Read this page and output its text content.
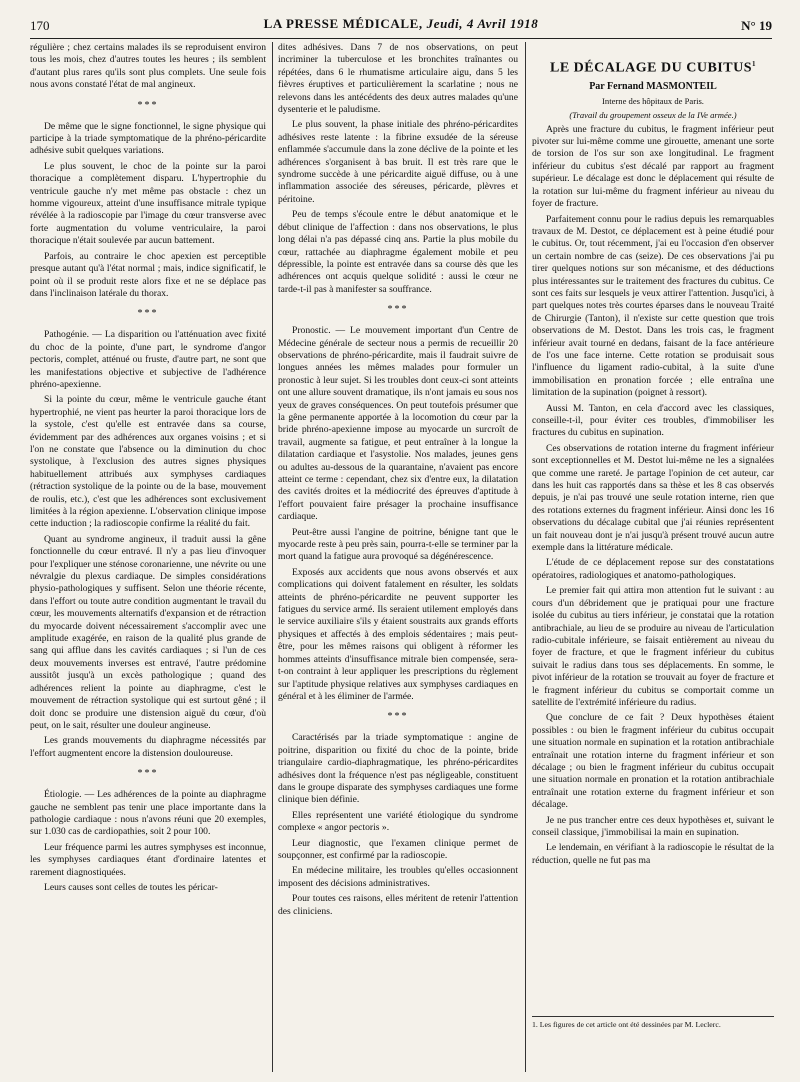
170	LA PRESSE MÉDICALE, Jeudi, 4 Avril 1918	N° 19

régulière ; chez certains malades ils se reproduisent environ tous les mois, chez d'autres toutes les heures ; ils semblent d'autant plus rares qu'ils sont plus complets. Une seule fois nous avons constaté l'état de mal angineux.

***

De même que le signe fonctionnel, le signe physique qui participe à la triade symptomatique de la phréno-péricardite adhésive subit quelques variations.

Le plus souvent, le choc de la pointe sur la paroi thoracique a complètement disparu. L'hypertrophie du ventricule gauche n'y met même pas obstacle : chez un homme vigoureux, atteint d'une insuffisance mitrale typique révélée à la radioscopie par l'image du cœur transverse avec forte augmentation du volume ventriculaire, la paroi thoracique n'était soulevée par aucun battement.

Parfois, au contraire le choc apexien est perceptible presque autant qu'à l'état normal ; mais, indice significatif, le point où il se produit reste alors fixe et ne se déplace pas dans l'inclinaison latérale du thorax.

***

Pathogénie. — La disparition ou l'atténuation avec fixité du choc de la pointe, d'une part, le syndrome d'angor pectoris, complet, atténué ou fruste, d'autre part, ne sont que les manifestations objective et subjective de l'adhérence phréno-apexienne.

Si la pointe du cœur, même le ventricule gauche étant hypertrophié, ne vient pas heurter la paroi thoracique lors de la systole, c'est qu'elle est entravée dans sa course, évidemment par des adhérences aux organes voisins ; et si l'on ne constate que l'absence ou la diminution du choc systolique, à l'exclusion des autres signes physiques habituellement attribués aux symphyses cardiaques (rétraction systolique de la pointe ou de la base, mouvement de roulis, etc.), c'est que les adhérences sont exclusivement limitées à la région apexienne. L'observation clinique impose cette induction ; la radioscopie confirme la réalité du fait.

Quant au syndrome angineux, il traduit aussi la gêne fonctionnelle du cœur entravé. Il n'y a pas lieu d'invoquer pour l'expliquer une sténose coronarienne, une névrite ou une névralgie du plexus cardiaque. De simples considérations physio-pathologiques y suffisent. Selon une théorie récente, dans l'effort ou toute autre condition augmentant le travail du cœur, les mouvements alternatifs d'expansion et de rétraction du myocarde doivent nécessairement s'accomplir avec une amplitude exagérée, en raison de la qualité plus grande de sang qui afflue dans les cavités cardiaques ; si l'un de ces deux mouvements inverses est entravé, l'autre prédomine aussitôt jusqu'à un excès pathologique ; quand des adhérences relient la pointe au diaphragme, c'est le mouvement de rétraction systolique qui est surtout gêné ; il doit donc se produire une distension aiguë du cœur, d'où peut, on le sait, résulter une douleur angineuse.

Les grands mouvements du diaphragme nécessités par l'effort augmentent encore la distension douloureuse.

***

Étiologie. — Les adhérences de la pointe au diaphragme gauche ne semblent pas tenir une place importante dans la pathologie cardiaque : nous n'avons réuni que 20 exemples, sur 1.030 cas de cardiopathies, soit 2 pour 100.

Leur fréquence parmi les autres symphyses est inconnue, les symphyses cardiaques étant d'ordinaire latentes et rarement diagnostiquées.

Leurs causes sont celles de toutes les péricar-

dites adhésives. Dans 7 de nos observations, on peut incriminer la tuberculose et les bronchites traînantes ou répétées, dans 6 le rhumatisme articulaire aigu, dans 5 les fièvres éruptives et particulièrement la scarlatine ; nous ne relevons dans les antécédents des deux autres malades qu'une dysenterie et le paludisme.

Le plus souvent, la phase initiale des phréno-péricardites adhésives reste latente : la fibrine exsudée de la séreuse enflammée s'accumule dans la zone déclive de la pointe et les adhérences s'organisent à bas bruit. Il est très rare que le syndrome succède à une péricardite aiguë diffuse, ou à une inflammation associée des séreuses, péricarde, plèvres et péritoine.

Peu de temps s'écoule entre le début anatomique et le début clinique de l'affection : dans nos observations, le plus long délai n'a pas dépassé cinq ans. Partie la plus mobile du cœur, rattachée au diaphragme également mobile et peu dépressible, la pointe est entravée dans sa course dès que les adhérences ont acquis quelque solidité : aussi le cœur ne tarde-t-il pas à manifester sa souffrance.

***

Pronostic. — Le mouvement important d'un Centre de Médecine générale de secteur nous a permis de recueillir 20 observations de phréno-péricardite, mais il faudrait suivre de longues années les mêmes malades pour formuler un pronostic à leur sujet. Si les troubles dont ceux-ci sont atteints ont une allure souvent dramatique, ils n'ont jamais eu sous nos yeux de graves conséquences. On peut toutefois présumer que la gêne permanente apportée à la locomotion du cœur par la bride phréno-apexienne impose au myocarde un surcroît de travail, augmente sa fatigue, et peut entraîner à la longue la dilatation cardiaque et l'asystolie. Nos malades, jeunes gens ou adultes au-dessous de la quarantaine, n'avaient pas encore atteint ce terme : cependant, chez six d'entre eux, la dilatation des cavités droites et la médiocrité des épreuves d'aptitude à l'effort pouvaient faire présager la prochaine insuffisance cardiaque.

Peut-être aussi l'angine de poitrine, bénigne tant que le myocarde reste à peu près sain, pourra-t-elle se terminer par la mort quand la fatigue aura provoqué sa dégénérescence.

Exposés aux accidents que nous avons observés et aux complications qui doivent fatalement en résulter, les soldats atteints de phréno-péricardite ne peuvent supporter les fatigues du service armé. Ils seraient utilement employés dans le service auxiliaire s'ils y étaient soustraits aux grands efforts physiques et affectés à des emplois sédentaires ; mais peut-être, pour les mêmes raisons qui obligent à réformer les hommes atteints d'insuffisance mitrale bien compensée, sera-t-on contraint à leur appliquer les prescriptions du règlement sur l'aptitude physique relatives aux symphyses cardiaques en général et à les éliminer de l'armée.

***

Caractérisés par la triade symptomatique : angine de poitrine, disparition ou fixité du choc de la pointe, bride triangulaire cardio-diaphragmatique, les phréno-péricardites adhésives dont la fréquence n'est pas négligeable, constituent dans le groupe disparate des symphyses cardiaques une forme clinique bien définie.

Elles représentent une variété étiologique du syndrome complexe « angor pectoris ».

Leur diagnostic, que l'examen clinique permet de soupçonner, est confirmé par la radioscopie.

En médecine militaire, les troubles qu'elles occasionnent imposent des décisions administratives.

Pour toutes ces raisons, elles méritent de retenir l'attention des cliniciens.

LE DÉCALAGE DU CUBITUS$^1$

Par Fernand MASMONTEIL

Interne des hôpitaux de Paris.

(Travail du groupement osseux de la IVe armée.)

Après une fracture du cubitus, le fragment inférieur peut pivoter sur lui-même comme une girouette, amenant une sorte de torsion de l'os sur son axe longitudinal. Le fragment inférieur du cubitus s'est décalé par rapport au fragment supérieur. Le décalage est donc le déplacement qui résulte de la rotation sur lui-même du fragment inférieur au niveau du foyer de fracture.

Parfaitement connu pour le radius depuis les remarquables travaux de M. Destot, ce déplacement est à peine étudié pour le cubitus. Or, tout récemment, j'ai eu l'occasion d'en observer un certain nombre de cas (seize). De ces observations j'ai pu tirer quelques notions sur son mécanisme, et des déductions plus intéressantes sur le traitement des fractures du cubitus. Ce sont ces faits sur lesquels je veux attirer l'attention. Jusqu'ici, à part quelques notes très courtes éparses dans le nouveau Traité de Chirurgie (Tanton), il n'existe sur cette question que trois observations de M. Destot. Dans les trois cas, le fragment inférieur avait tourné en dedans, faisant de la face antérieure de l'os une face interne. Cette rotation se produisait sous l'influence du ligament radio-cubital, à la suite d'une immobilisation en pronation forcée ; elle entraîna une limitation de la supination (poignet à ressort).

Aussi M. Tanton, en cela d'accord avec les classiques, conseille-t-il, pour éviter ces troubles, d'immobiliser les fractures du cubitus en supination.

Ces observations de rotation interne du fragment inférieur sont exceptionnelles et M. Destot lui-même ne les a signalées que comme une rareté. Je partage l'opinion de cet auteur, car dans les huit cas rapportés dans sa thèse et les 8 cas observés depuis, je n'ai pas trouvé une seule rotation interne, rien que des rotations externes du fragment inférieur. Ainsi donc les 16 observations du décalage cubital que j'ai réunies représentent un fait nouveau dont je n'ai jusqu'à présent trouvé aucun autre exemple dans la littérature médicale.

L'étude de ce déplacement repose sur des constatations opératoires, radiologiques et anatomo-pathologiques.

Le premier fait qui attira mon attention fut le suivant : au cours d'un débridement que je pratiquai pour une fracture isolée du cubitus au tiers inférieur, je constatai que la rotation antibrachiale, au lieu de se produire au niveau de l'articulation radio-cubitale inférieure, se faisait entièrement au niveau du foyer de fracture, et que le fragment inférieur du cubitus suivait le radius dans tous ses déplacements. En somme, le pivot inférieur de la rotation se trouvait au foyer de fracture et le fragment inférieur du cubitus se comportait comme un satellite de l'extrémité inférieure du radius.

Que conclure de ce fait ? Deux hypothèses étaient possibles : ou bien le fragment inférieur du cubitus occupait une situation normale en supination et la rotation antibrachiale entraînait une rotation interne du fragment inférieur et son décalage ; ou bien le fragment inférieur du cubitus occupait une situation normale en pronation et la rotation antibrachiale entraînait une rotation externe du fragment inférieur et son décalage.

Je ne pus trancher entre ces deux hypothèses et, suivant le conseil classique, j'immobilisai la main en supination.

Le lendemain, en vérifiant à la radioscopie le résultat de la réduction, quelle ne fut pas ma

1. Les figures de cet article ont été dessinées par M. Leclerc.
